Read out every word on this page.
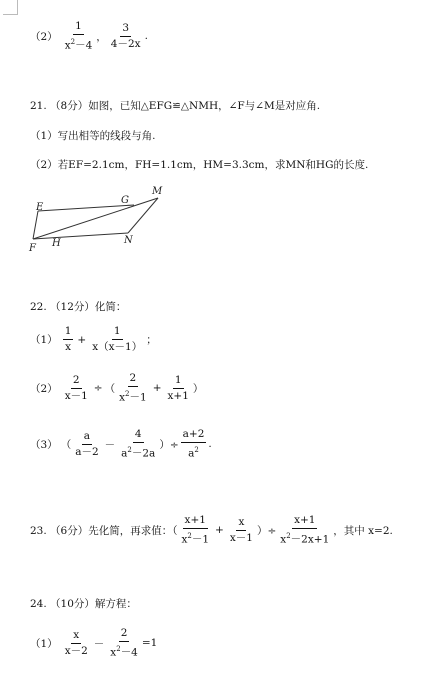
$(2) \frac{1}{x^2-4}$ ， $\frac{3}{4-2x}$ .
21. （8分）如图，已知△EFG≌△NMH，∠F与∠M是对应角.
（1）写出相等的线段与角.
（2）若EF=2.1cm，FH=1.1cm，HM=3.3cm，求MN和HG的长度.
E
F
G
H
M
N
22. （12分）化简：
$(1) \frac{1}{x} + \frac{1}{x(x-1)}$ ；
$(2) \frac{2}{x-1}$ ÷ （ $\frac{2}{x^2-1} + \frac{1}{x+1}$ ）
（3） （ $\frac{a}{a-2} - \frac{4}{a^2-2a}$ ）÷ $\frac{a+2}{a^2}$ .
23. （6分）先化简，再求值：（ $\frac{x+1}{x^2-1} + \frac{x}{x-1}$ ）÷ $\frac{x+1}{x^2-2x+1}$ ，其中 x=2.
24. （10分）解方程：
$(1) \frac{x}{x-2} - \frac{2}{x^2-4} =1$
